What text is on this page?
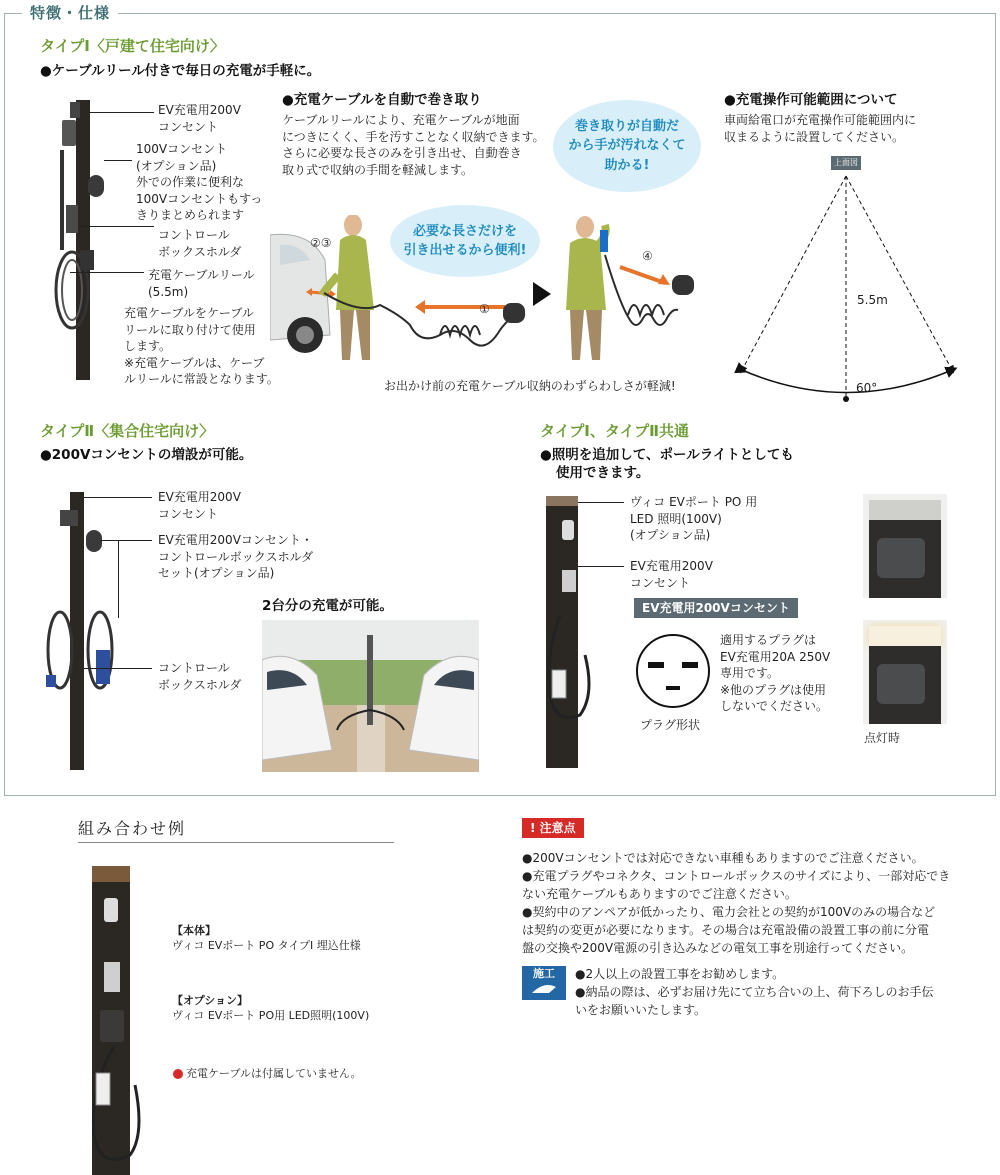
特徴・仕様
タイプⅠ〈戸建て住宅向け〉
●ケーブルリール付きで毎日の充電が手軽に。
EV充電用200V
コンセント
100Vコンセント
(オプション品)
外での作業に便利な
100Vコンセントもすっ
きりまとめられます
コントロール
ボックスホルダ
充電ケーブルリール
(5.5m)
充電ケーブルをケーブル
リールに取り付けて使用
します。
※充電ケーブルは、ケーブ
ルリールに常設となります。
●充電ケーブルを自動で巻き取り
ケーブルリールにより、充電ケーブルが地面
につきにくく、手を汚すことなく収納できます。
さらに必要な長さのみを引き出せ、自動巻き
取り式で収納の手間を軽減します。
必要な長さだけを
引き出せるから便利!
巻き取りが自動だ
から手が汚れなくて
助かる!
②③
①
④
お出かけ前の充電ケーブル収納のわずらわしさが軽減!
●充電操作可能範囲について
車両給電口が充電操作可能範囲内に
収まるように設置してください。
上面図
5.5m
60°
タイプⅡ〈集合住宅向け〉
●200Vコンセントの増設が可能。
EV充電用200V
コンセント
EV充電用200Vコンセント・
コントロールボックスホルダ
セット(オプション品)
コントロール
ボックスホルダ
2台分の充電が可能。
タイプⅠ、タイプⅡ共通
●照明を追加して、ポールライトとしても
使用できます。
ヴィコ EVポート PO 用
LED 照明(100V)
(オプション品)
EV充電用200V
コンセント
EV充電用200Vコンセント
プラグ形状
適用するプラグは
EV充電用20A 250V
専用です。
※他のプラグは使用
しないでください。
点灯時
組み合わせ例
【本体】
ヴィコ EVポート PO タイプⅠ 埋込仕様
【オプション】
ヴィコ EVポート PO用 LED照明(100V)
充電ケーブルは付属していません。
! 注意点
●200Vコンセントでは対応できない車種もありますのでご注意ください。
●充電プラグやコネクタ、コントロールボックスのサイズにより、一部対応でき
ない充電ケーブルもありますのでご注意ください。
●契約中のアンペアが低かったり、電力会社との契約が100Vのみの場合など
は契約の変更が必要になります。その場合は充電設備の設置工事の前に分電
盤の交換や200V電源の引き込みなどの電気工事を別途行ってください。
施工	●2人以上の設置工事をお勧めします。
●納品の際は、必ずお届け先にて立ち合いの上、荷下ろしのお手伝
いをお願いいたします。
